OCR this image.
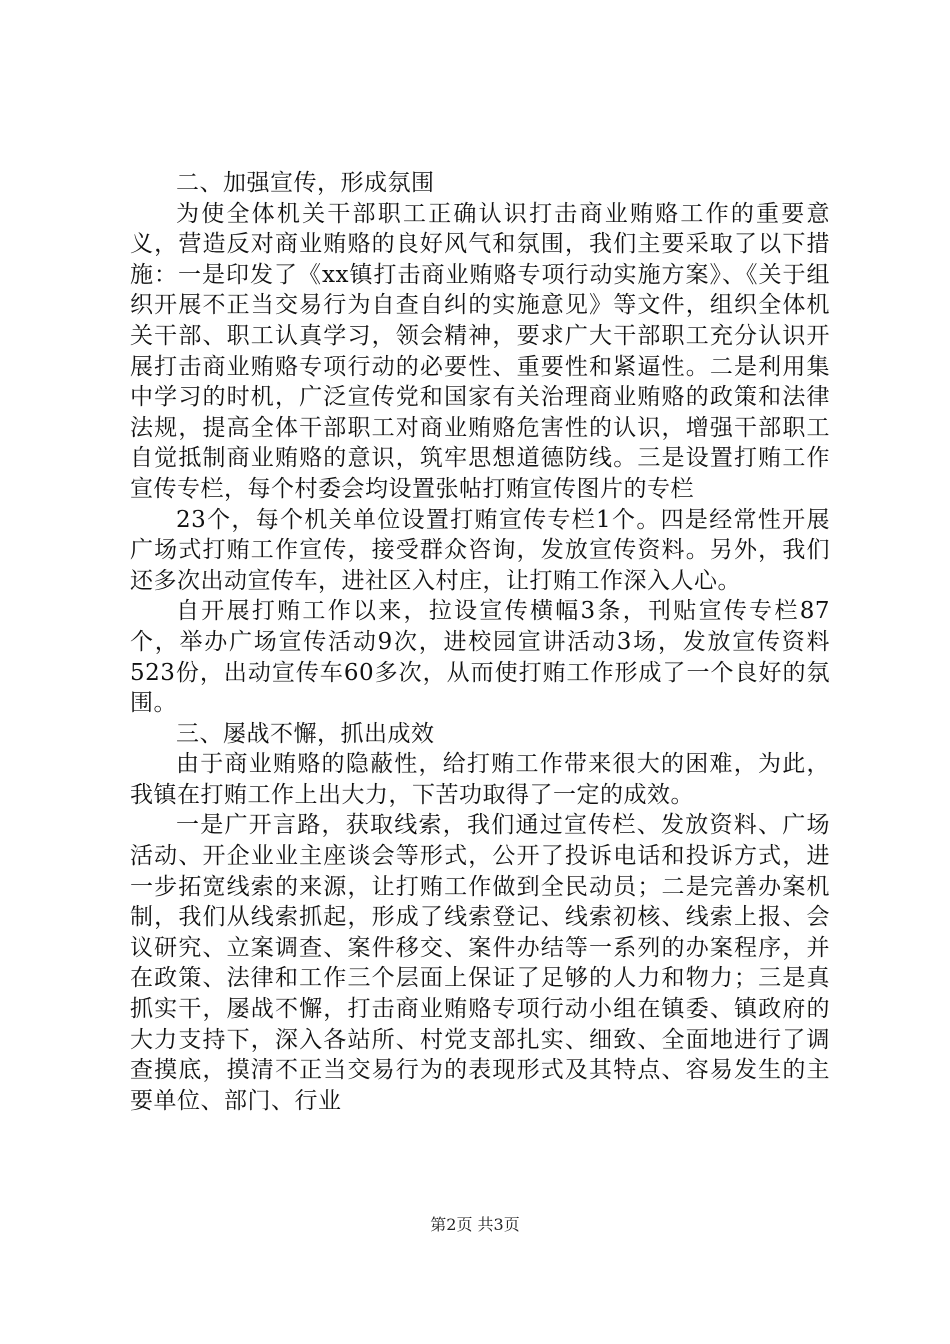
二、加强宣传，形成氛围

为使全体机关干部职工正确认识打击商业贿赂工作的重要意义，营造反对商业贿赂的良好风气和氛围，我们主要采取了以下措施：一是印发了《xx镇打击商业贿赂专项行动实施方案》、《关于组织开展不正当交易行为自查自纠的实施意见》等文件，组织全体机关干部、职工认真学习，领会精神，要求广大干部职工充分认识开展打击商业贿赂专项行动的必要性、重要性和紧逼性。二是利用集中学习的时机，广泛宣传党和国家有关治理商业贿赂的政策和法律法规，提高全体干部职工对商业贿赂危害性的认识，增强干部职工自觉抵制商业贿赂的意识，筑牢思想道德防线。三是设置打贿工作宣传专栏，每个村委会均设置张帖打贿宣传图片的专栏

23个，每个机关单位设置打贿宣传专栏1个。四是经常性开展广场式打贿工作宣传，接受群众咨询，发放宣传资料。另外，我们还多次出动宣传车，进社区入村庄，让打贿工作深入人心。

自开展打贿工作以来，拉设宣传横幅3条，刊贴宣传专栏87个，举办广场宣传活动9次，进校园宣讲活动3场，发放宣传资料523份，出动宣传车60多次，从而使打贿工作形成了一个良好的氛围。

三、屡战不懈，抓出成效

由于商业贿赂的隐蔽性，给打贿工作带来很大的困难，为此，我镇在打贿工作上出大力，下苦功取得了一定的成效。

一是广开言路，获取线索，我们通过宣传栏、发放资料、广场活动、开企业业主座谈会等形式，公开了投诉电话和投诉方式，进一步拓宽线索的来源，让打贿工作做到全民动员；二是完善办案机制，我们从线索抓起，形成了线索登记、线索初核、线索上报、会议研究、立案调查、案件移交、案件办结等一系列的办案程序，并在政策、法律和工作三个层面上保证了足够的人力和物力；三是真抓实干，屡战不懈，打击商业贿赂专项行动小组在镇委、镇政府的大力支持下，深入各站所、村党支部扎实、细致、全面地进行了调查摸底，摸清不正当交易行为的表现形式及其特点、容易发生的主要单位、部门、行业

第2页 共3页
